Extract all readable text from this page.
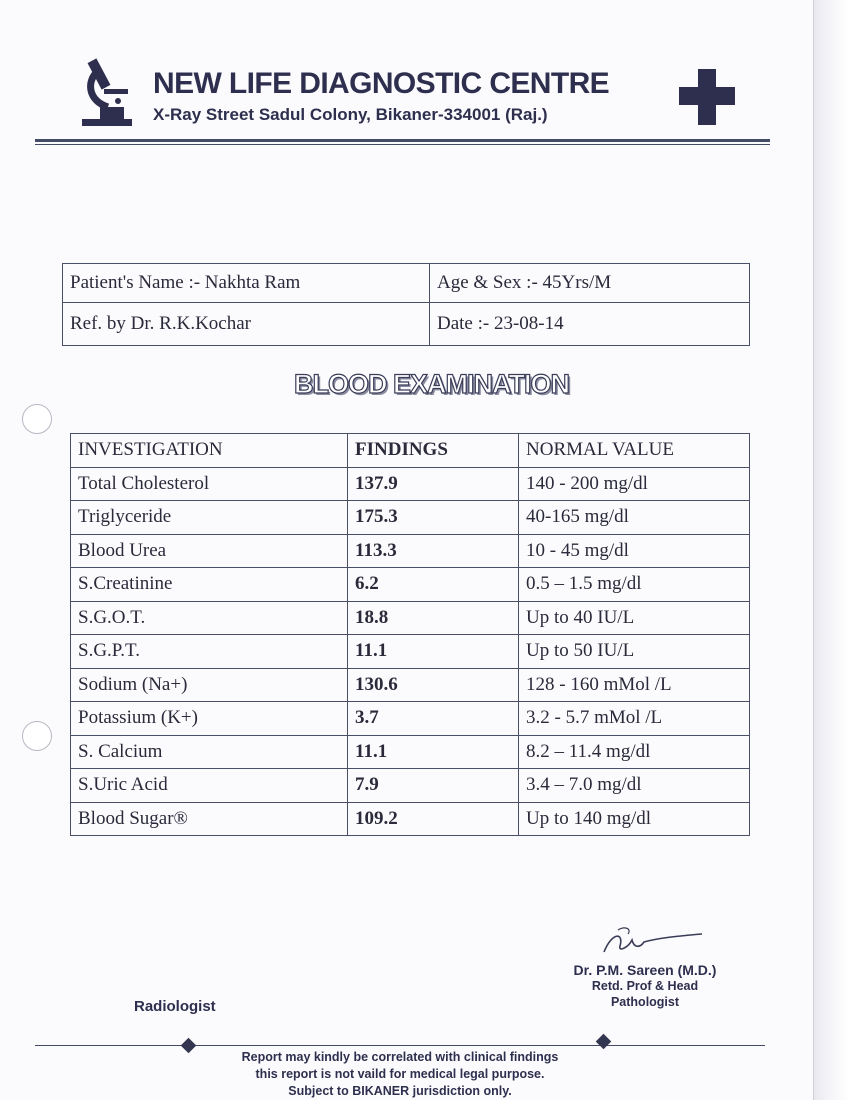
NEW LIFE DIAGNOSTIC CENTRE
X-Ray Street Sadul Colony, Bikaner-334001 (Raj.)
Patient's Name :- Nakhta Ram	Age & Sex :- 45Yrs/M
Ref. by Dr. R.K.Kochar	Date :- 23-08-14
BLOOD EXAMINATION
INVESTIGATION	FINDINGS	NORMAL VALUE
Total Cholesterol	137.9	140 - 200 mg/dl
Triglyceride	175.3	40-165 mg/dl
Blood Urea	113.3	10 - 45 mg/dl
S.Creatinine	6.2	0.5 – 1.5 mg/dl
S.G.O.T.	18.8	Up to 40 IU/L
S.G.P.T.	11.1	Up to 50 IU/L
Sodium (Na+)	130.6	128 - 160 mMol /L
Potassium (K+)	3.7	3.2 - 5.7 mMol /L
S. Calcium	11.1	8.2 – 11.4 mg/dl
S.Uric Acid	7.9	3.4 – 7.0 mg/dl
Blood Sugar®	109.2	Up to 140 mg/dl
Dr. P.M. Sareen (M.D.)
Retd. Prof & Head
Pathologist
Radiologist
Report may kindly be correlated with clinical findings
this report is not vaild for medical legal purpose.
Subject to BIKANER jurisdiction only.
